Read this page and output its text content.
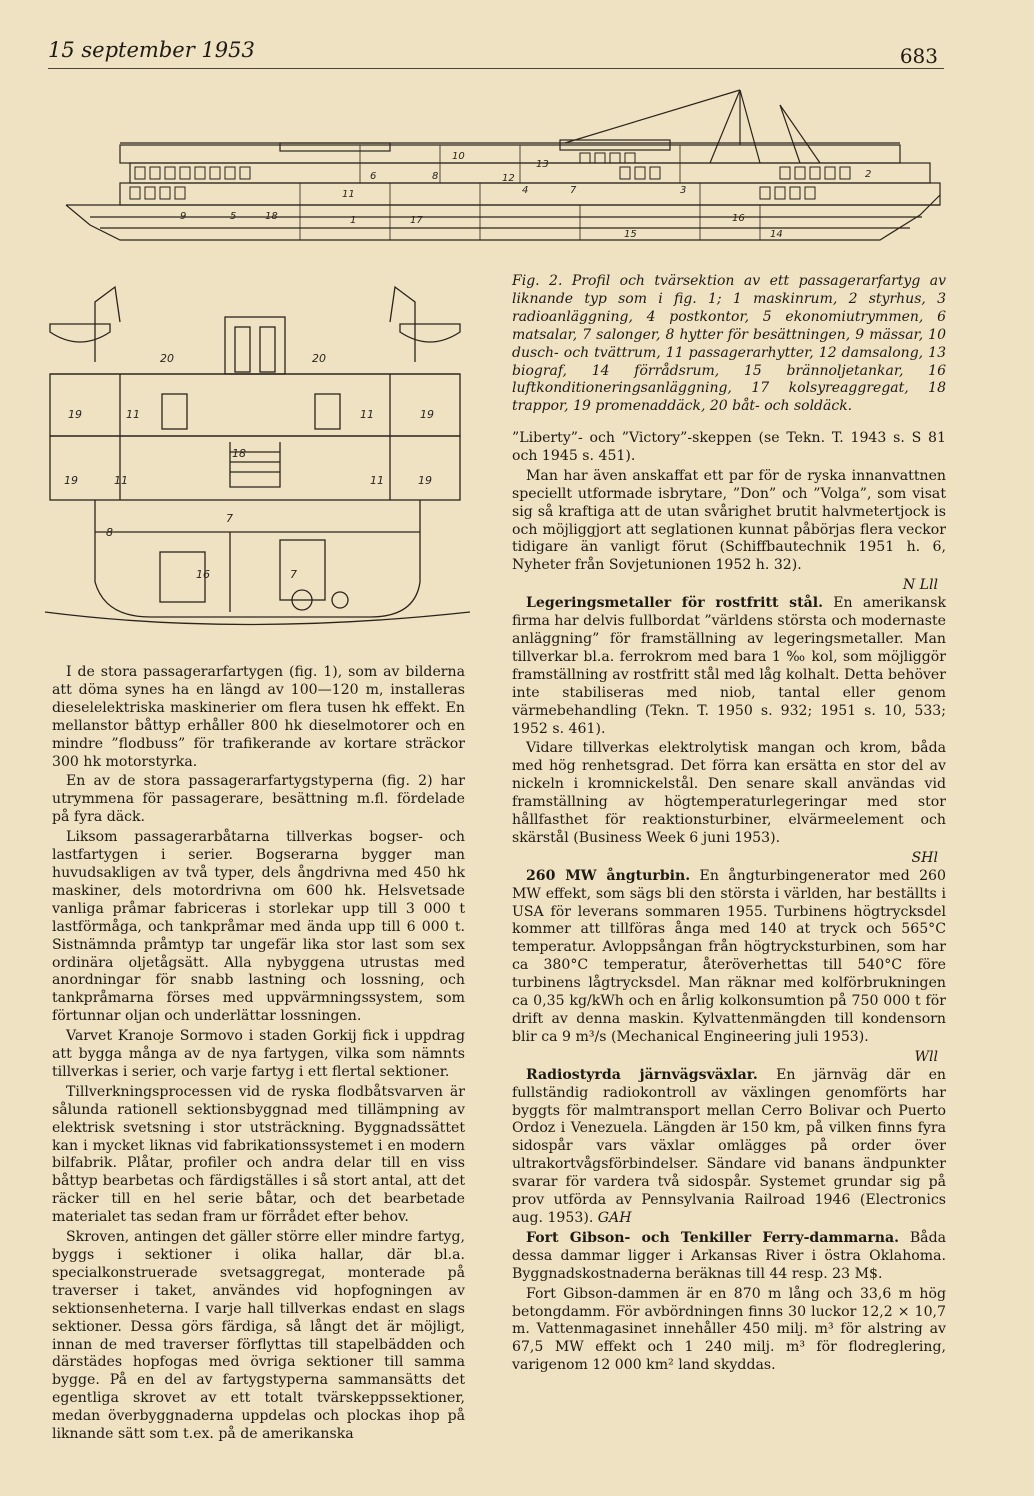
15 september 1953	683
1
2
3
4
5
6
7
8
9
10
11
12
13
14
15
16
17
18
20	20
19	11	11	19
18
19	11	11	19
8
7
16	7
Fig. 2. Profil och tvärsektion av ett passagerarfartyg av liknande typ som i fig. 1; 1 maskinrum, 2 styrhus, 3 radioanläggning, 4 postkontor, 5 ekonomiutrymmen, 6 matsalar, 7 salonger, 8 hytter för besättningen, 9 mässar, 10 dusch- och tvättrum, 11 passagerarhytter, 12 damsalong, 13 biograf, 14 förrådsrum, 15 brännoljetankar, 16 luftkonditioneringsanläggning, 17 kolsyreaggregat, 18 trappor, 19 promenaddäck, 20 båt- och soldäck.

I de stora passagerarfartygen (fig. 1), som av bilderna att döma synes ha en längd av 100—120 m, installeras dieselelektriska maskinerier om flera tusen hk effekt. En mellanstor båttyp erhåller 800 hk dieselmotorer och en mindre ”flodbuss” för trafikerande av kortare sträckor 300 hk motorstyrka.

En av de stora passagerarfartygstyperna (fig. 2) har utrymmena för passagerare, besättning m.fl. fördelade på fyra däck.

Liksom passagerarbåtarna tillverkas bogser- och lastfartygen i serier. Bogserarna bygger man huvudsakligen av två typer, dels ångdrivna med 450 hk maskiner, dels motordrivna om 600 hk. Helsvetsade vanliga pråmar fabriceras i storlekar upp till 3 000 t lastförmåga, och tankpråmar med ända upp till 6 000 t. Sistnämnda pråmtyp tar ungefär lika stor last som sex ordinära oljetågsätt. Alla nybyggena utrustas med anordningar för snabb lastning och lossning, och tankpråmarna förses med uppvärmningssystem, som förtunnar oljan och underlättar lossningen.

Varvet Kranoje Sormovo i staden Gorkij fick i uppdrag att bygga många av de nya fartygen, vilka som nämnts tillverkas i serier, och varje fartyg i ett flertal sektioner.

Tillverkningsprocessen vid de ryska flodbåtsvarven är sålunda rationell sektionsbyggnad med tillämpning av elektrisk svetsning i stor utsträckning. Byggnadssättet kan i mycket liknas vid fabrikationssystemet i en modern bilfabrik. Plåtar, profiler och andra delar till en viss båttyp bearbetas och färdigställes i så stort antal, att det räcker till en hel serie båtar, och det bearbetade materialet tas sedan fram ur förrådet efter behov.

Skroven, antingen det gäller större eller mindre fartyg, byggs i sektioner i olika hallar, där bl.a. specialkonstruerade svetsaggregat, monterade på traverser i taket, användes vid hopfogningen av sektionsenheterna. I varje hall tillverkas endast en slags sektioner. Dessa görs färdiga, så långt det är möjligt, innan de med traverser förflyttas till stapelbädden och därstädes hopfogas med övriga sektioner till samma bygge. På en del av fartygstyperna sammansätts det egentliga skrovet av ett totalt tvärskeppssektioner, medan överbyggnaderna uppdelas och plockas ihop på liknande sätt som t.ex. på de amerikanska

”Liberty”- och ”Victory”-skeppen (se Tekn. T. 1943 s. S 81 och 1945 s. 451).

Man har även anskaffat ett par för de ryska innanvattnen speciellt utformade isbrytare, ”Don” och ”Volga”, som visat sig så kraftiga att de utan svårighet brutit halvmetertjock is och möjliggjort att seglationen kunnat påbörjas flera veckor tidigare än vanligt förut (Schiffbautechnik 1951 h. 6, Nyheter från Sovjetunionen 1952 h. 32).

N Lll

Legeringsmetaller för rostfritt stål. En amerikansk firma har delvis fullbordat ”världens största och modernaste anläggning” för framställning av legeringsmetaller. Man tillverkar bl.a. ferrokrom med bara 1 ‰ kol, som möjliggör framställning av rostfritt stål med låg kolhalt. Detta behöver inte stabiliseras med niob, tantal eller genom värmebehandling (Tekn. T. 1950 s. 932; 1951 s. 10, 533; 1952 s. 461).

Vidare tillverkas elektrolytisk mangan och krom, båda med hög renhetsgrad. Det förra kan ersätta en stor del av nickeln i kromnickelstål. Den senare skall användas vid framställning av högtemperaturlegeringar med stor hållfasthet för reaktionsturbiner, elvärmeelement och skärstål (Business Week 6 juni 1953).

SHl

260 MW ångturbin. En ångturbingenerator med 260 MW effekt, som sägs bli den största i världen, har beställts i USA för leverans sommaren 1955. Turbinens högtrycksdel kommer att tillföras ånga med 140 at tryck och 565°C temperatur. Avloppsångan från högtrycksturbinen, som har ca 380°C temperatur, återöverhettas till 540°C före turbinens lågtrycksdel. Man räknar med kolförbrukningen ca 0,35 kg/kWh och en årlig kolkonsumtion på 750 000 t för drift av denna maskin. Kylvattenmängden till kondensorn blir ca 9 m³/s (Mechanical Engineering juli 1953).

Wll

Radiostyrda järnvägsväxlar. En järnväg där en fullständig radiokontroll av växlingen genomförts har byggts för malmtransport mellan Cerro Bolivar och Puerto Ordoz i Venezuela. Längden är 150 km, på vilken finns fyra sidospår vars växlar omlägges på order över ultrakortvågsförbindelser. Sändare vid banans ändpunkter svarar för vardera två sidospår. Systemet grundar sig på prov utförda av Pennsylvania Railroad 1946 (Electronics aug. 1953). GAH

Fort Gibson- och Tenkiller Ferry-dammarna. Båda dessa dammar ligger i Arkansas River i östra Oklahoma. Byggnadskostnaderna beräknas till 44 resp. 23 M$.

Fort Gibson-dammen är en 870 m lång och 33,6 m hög betongdamm. För avbördningen finns 30 luckor 12,2 × 10,7 m. Vattenmagasinet innehåller 450 milj. m³ för alstring av 67,5 MW effekt och 1 240 milj. m³ för flodreglering, varigenom 12 000 km² land skyddas.
